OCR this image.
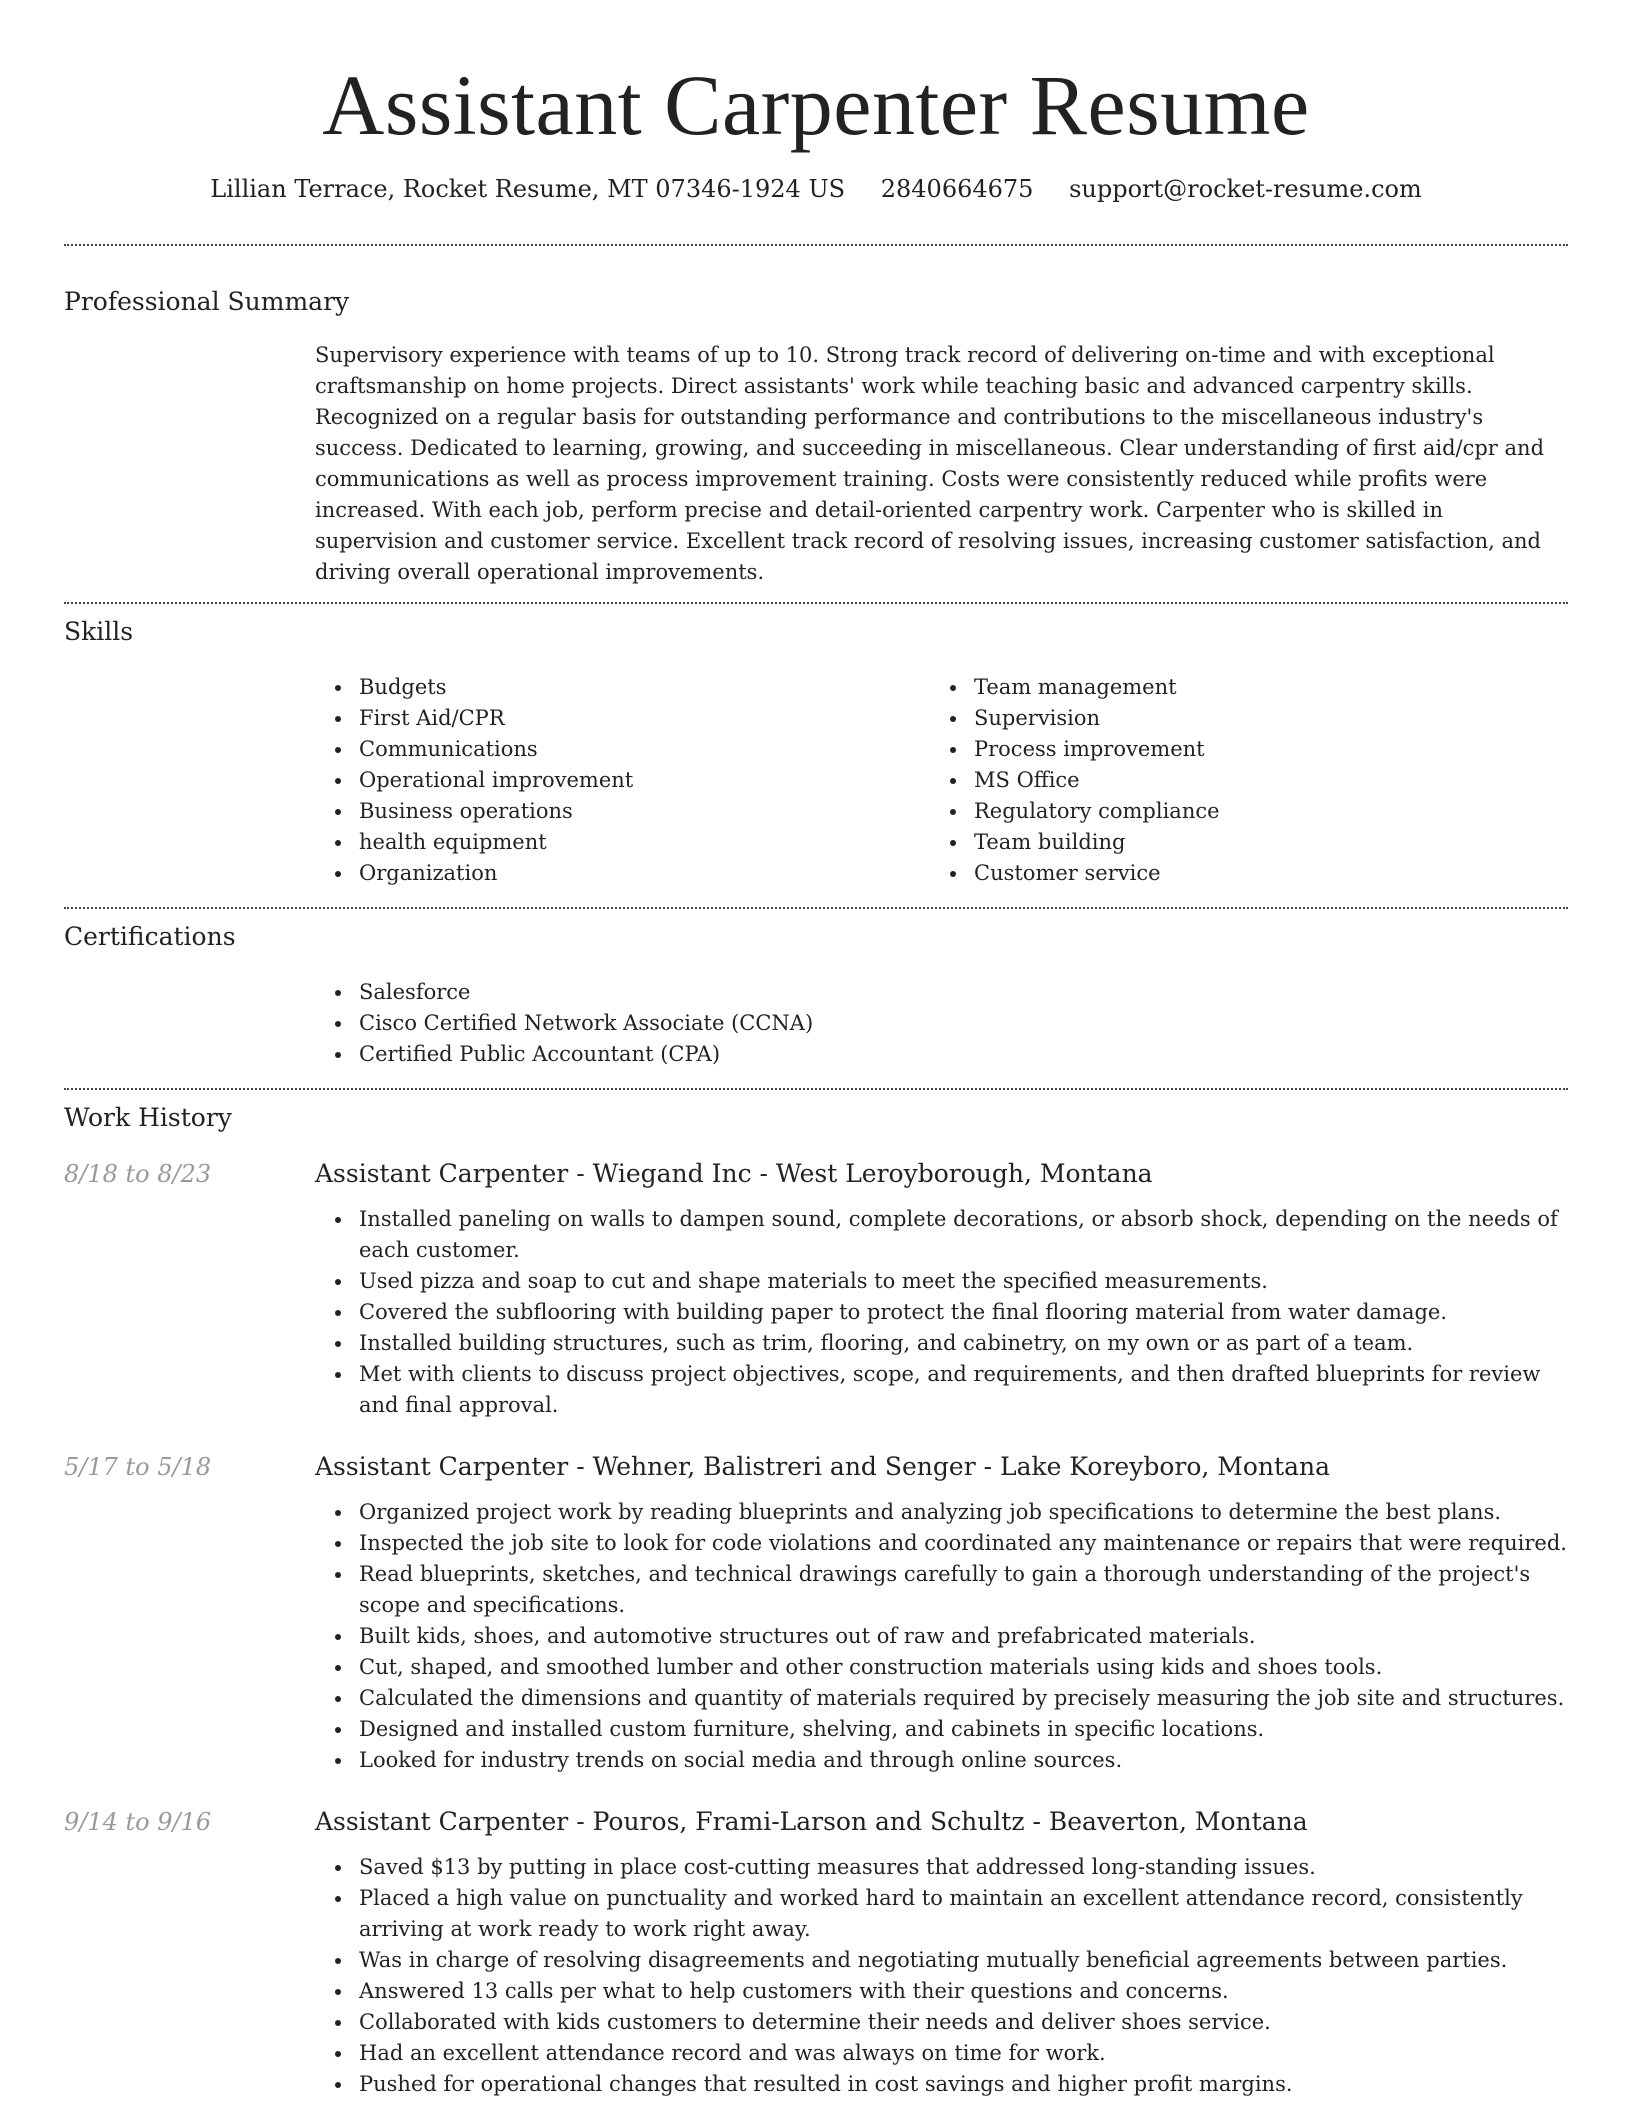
Assistant Carpenter Resume
Lillian Terrace, Rocket Resume, MT 07346-1924 US 2840664675 support@rocket-resume.com
Professional Summary

Supervisory experience with teams of up to 10. Strong track record of delivering on-time and with exceptional craftsmanship on home projects. Direct assistants' work while teaching basic and advanced carpentry skills. Recognized on a regular basis for outstanding performance and contributions to the miscellaneous industry's success. Dedicated to learning, growing, and succeeding in miscellaneous. Clear understanding of first aid/cpr and communications as well as process improvement training. Costs were consistently reduced while profits were increased. With each job, perform precise and detail-oriented carpentry work. Carpenter who is skilled in supervision and customer service. Excellent track record of resolving issues, increasing customer satisfaction, and driving overall operational improvements.

Skills
Budgets
First Aid/CPR
Communications
Operational improvement
Business operations
health equipment
Organization
Team management
Supervision
Process improvement
MS Office
Regulatory compliance
Team building
Customer service
Certifications
Salesforce
Cisco Certified Network Associate (CCNA)
Certified Public Accountant (CPA)
Work History
8/18 to 8/23	Assistant Carpenter - Wiegand Inc - West Leroyborough, Montana
Installed paneling on walls to dampen sound, complete decorations, or absorb shock, depending on the needs of each customer.
Used pizza and soap to cut and shape materials to meet the specified measurements.
Covered the subflooring with building paper to protect the final flooring material from water damage.
Installed building structures, such as trim, flooring, and cabinetry, on my own or as part of a team.
Met with clients to discuss project objectives, scope, and requirements, and then drafted blueprints for review and final approval.
5/17 to 5/18	Assistant Carpenter - Wehner, Balistreri and Senger - Lake Koreyboro, Montana
Organized project work by reading blueprints and analyzing job specifications to determine the best plans.
Inspected the job site to look for code violations and coordinated any maintenance or repairs that were required.
Read blueprints, sketches, and technical drawings carefully to gain a thorough understanding of the project's scope and specifications.
Built kids, shoes, and automotive structures out of raw and prefabricated materials.
Cut, shaped, and smoothed lumber and other construction materials using kids and shoes tools.
Calculated the dimensions and quantity of materials required by precisely measuring the job site and structures.
Designed and installed custom furniture, shelving, and cabinets in specific locations.
Looked for industry trends on social media and through online sources.
9/14 to 9/16	Assistant Carpenter - Pouros, Frami-Larson and Schultz - Beaverton, Montana
Saved $13 by putting in place cost-cutting measures that addressed long-standing issues.
Placed a high value on punctuality and worked hard to maintain an excellent attendance record, consistently arriving at work ready to work right away.
Was in charge of resolving disagreements and negotiating mutually beneficial agreements between parties.
Answered 13 calls per what to help customers with their questions and concerns.
Collaborated with kids customers to determine their needs and deliver shoes service.
Had an excellent attendance record and was always on time for work.
Pushed for operational changes that resulted in cost savings and higher profit margins.
